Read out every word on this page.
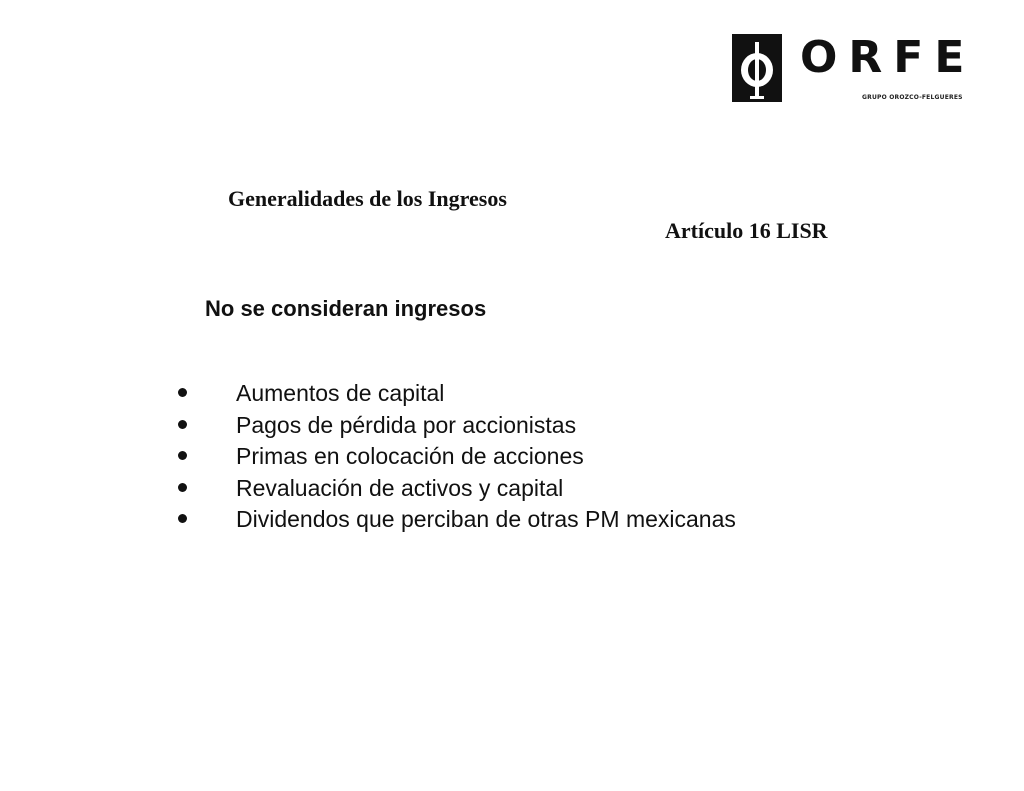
ORFE
GRUPO OROZCO-FELGUERES
Generalidades de los Ingresos
Artículo 16 LISR
No se consideran ingresos
Aumentos de capital
Pagos de pérdida por accionistas
Primas en colocación de acciones
Revaluación de activos y capital
Dividendos que perciban de otras PM mexicanas
